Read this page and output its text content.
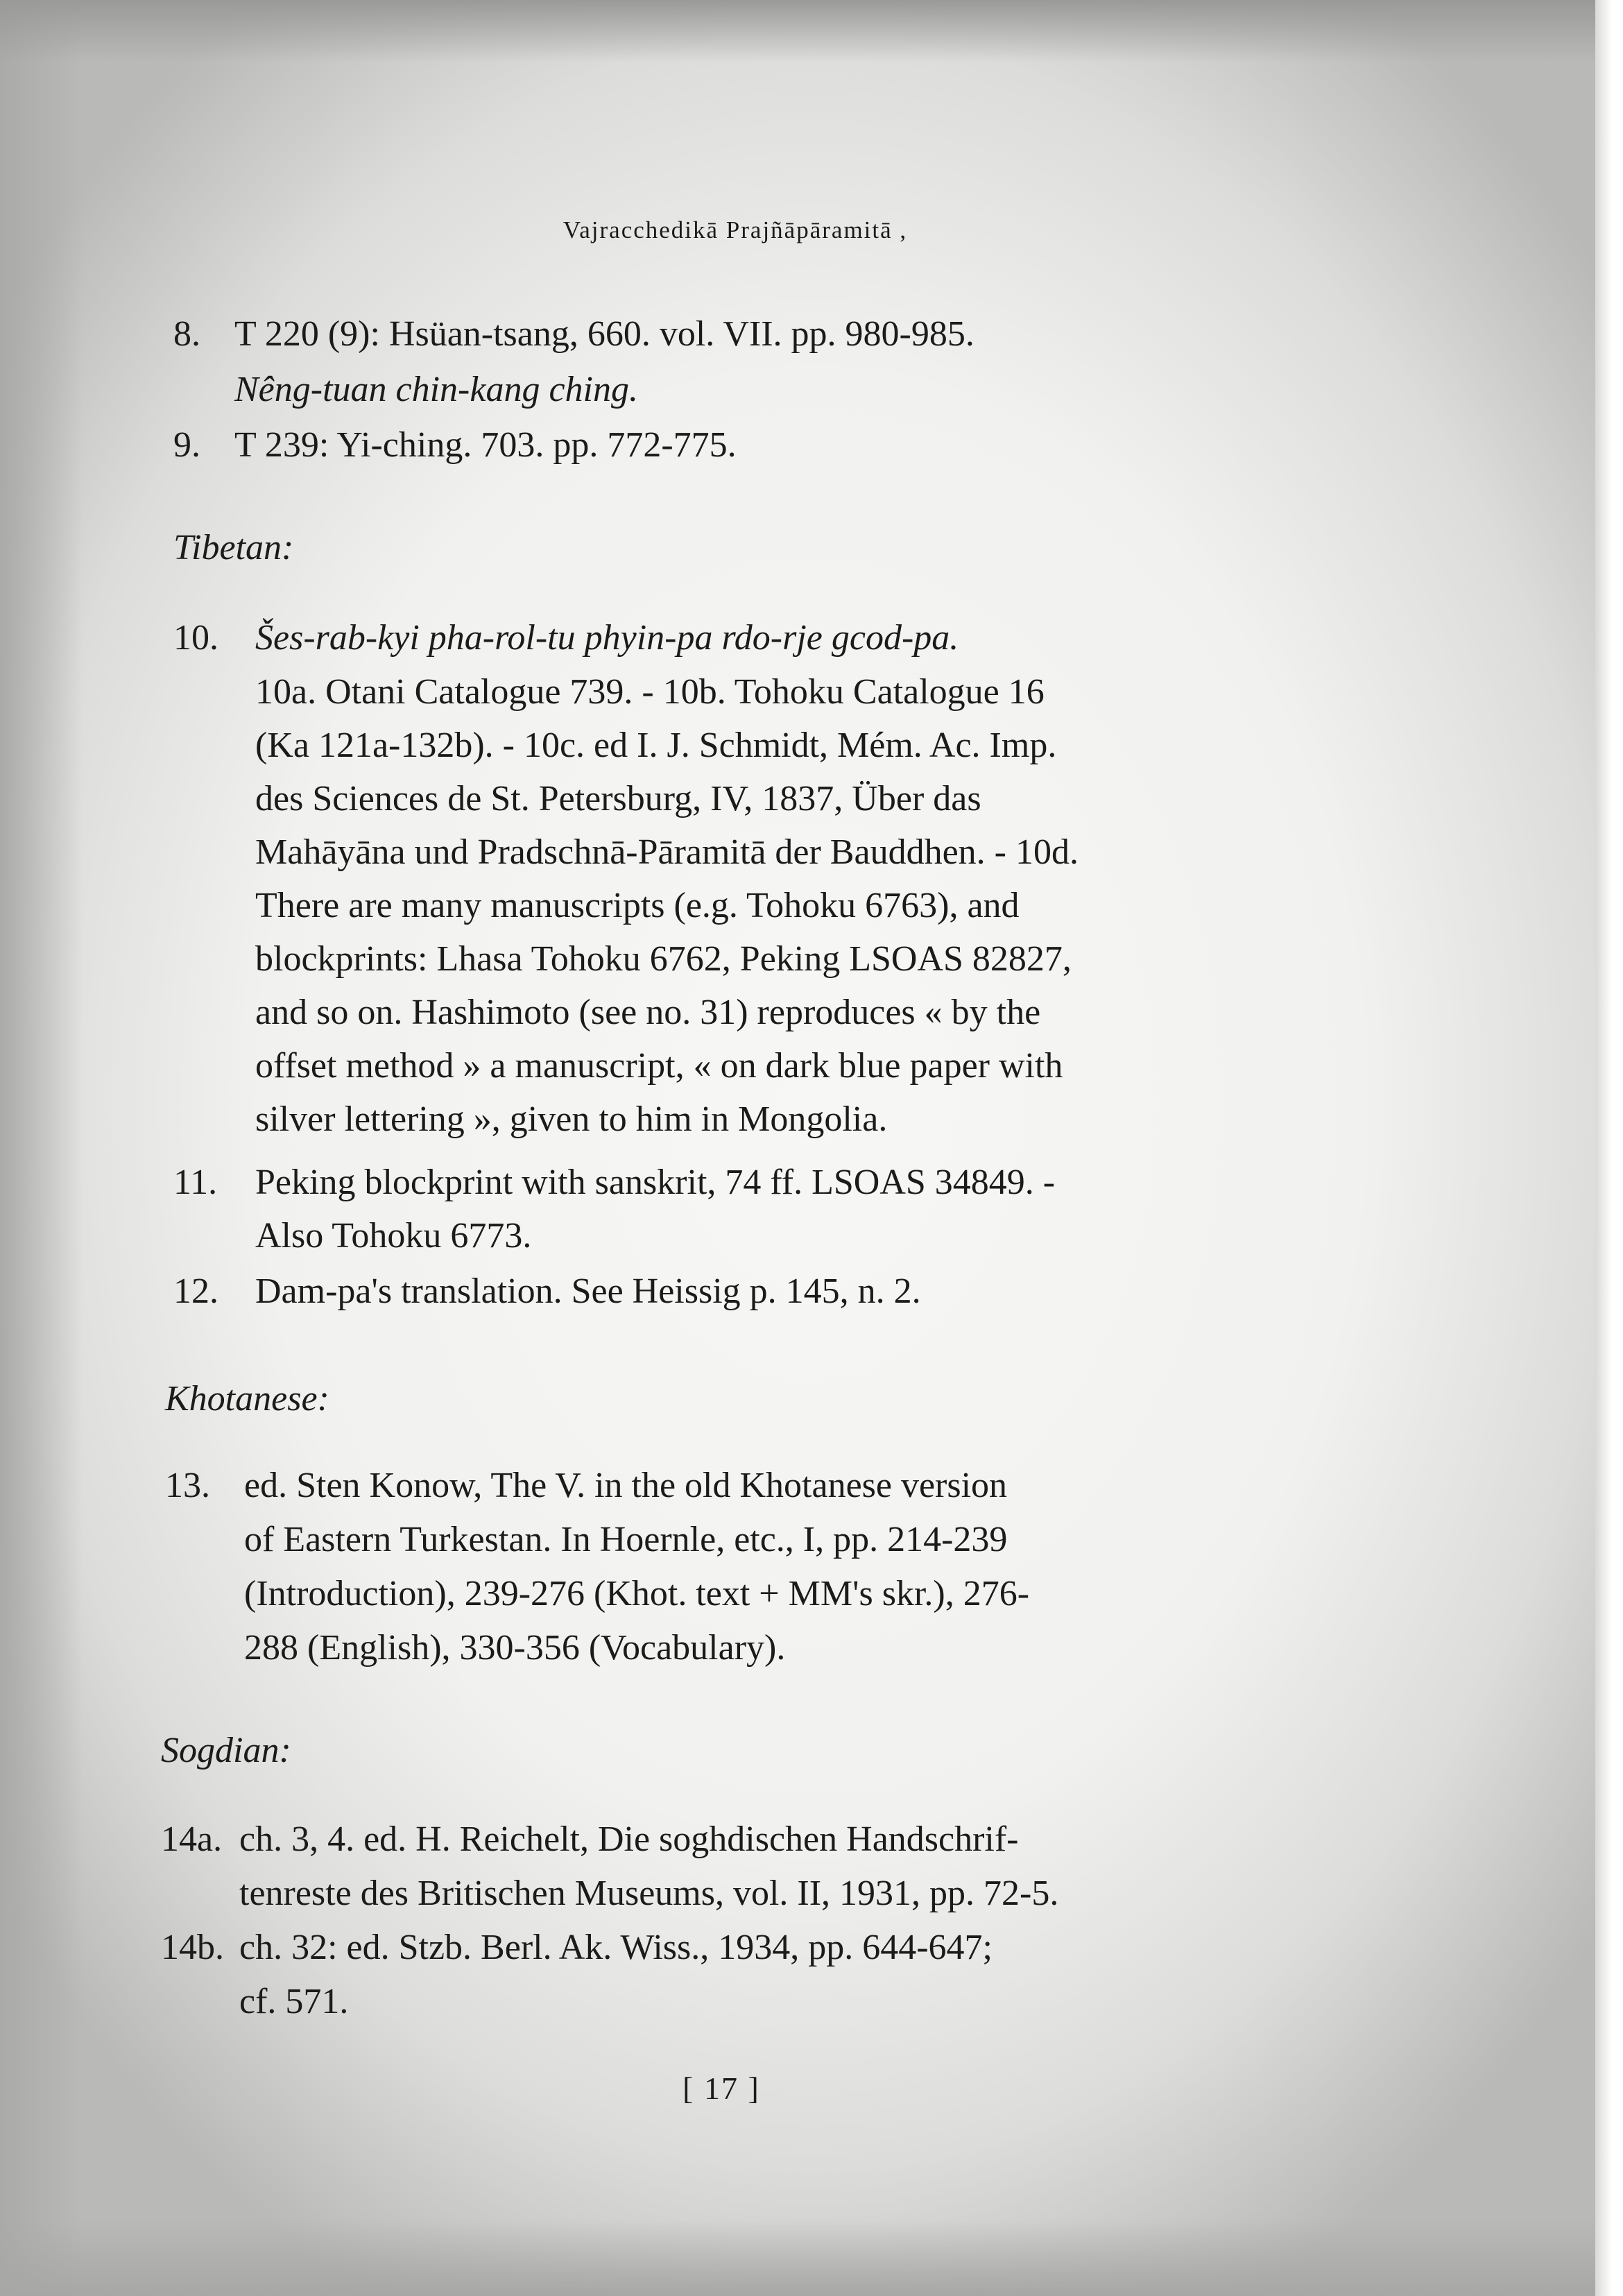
Vajracchedikā Prajñāpāramitā ,
8. T 220 (9): Hsüan-tsang, 660. vol. VII. pp. 980-985.
Nêng-tuan chin-kang ching.
9. T 239: Yi-ching. 703. pp. 772-775.
Tibetan:
10. Šes-rab-kyi pha-rol-tu phyin-pa rdo-rje gcod-pa.
10a. Otani Catalogue 739. - 10b. Tohoku Catalogue 16
(Ka 121a-132b). - 10c. ed I. J. Schmidt, Mém. Ac. Imp.
des Sciences de St. Petersburg, IV, 1837, Über das
Mahāyāna und Pradschnā-Pāramitā der Bauddhen. - 10d.
There are many manuscripts (e.g. Tohoku 6763), and
blockprints: Lhasa Tohoku 6762, Peking LSOAS 82827,
and so on. Hashimoto (see no. 31) reproduces « by the
offset method » a manuscript, « on dark blue paper with
silver lettering », given to him in Mongolia.
11. Peking blockprint with sanskrit, 74 ff. LSOAS 34849. -
Also Tohoku 6773.
12. Dam-pa's translation. See Heissig p. 145, n. 2.
Khotanese:
13. ed. Sten Konow, The V. in the old Khotanese version
of Eastern Turkestan. In Hoernle, etc., I, pp. 214-239
(Introduction), 239-276 (Khot. text + MM's skr.), 276-
288 (English), 330-356 (Vocabulary).
Sogdian:
14a. ch. 3, 4. ed. H. Reichelt, Die soghdischen Handschrif-
tenreste des Britischen Museums, vol. II, 1931, pp. 72-5.
14b. ch. 32: ed. Stzb. Berl. Ak. Wiss., 1934, pp. 644-647;
cf. 571.
[ 17 ]
